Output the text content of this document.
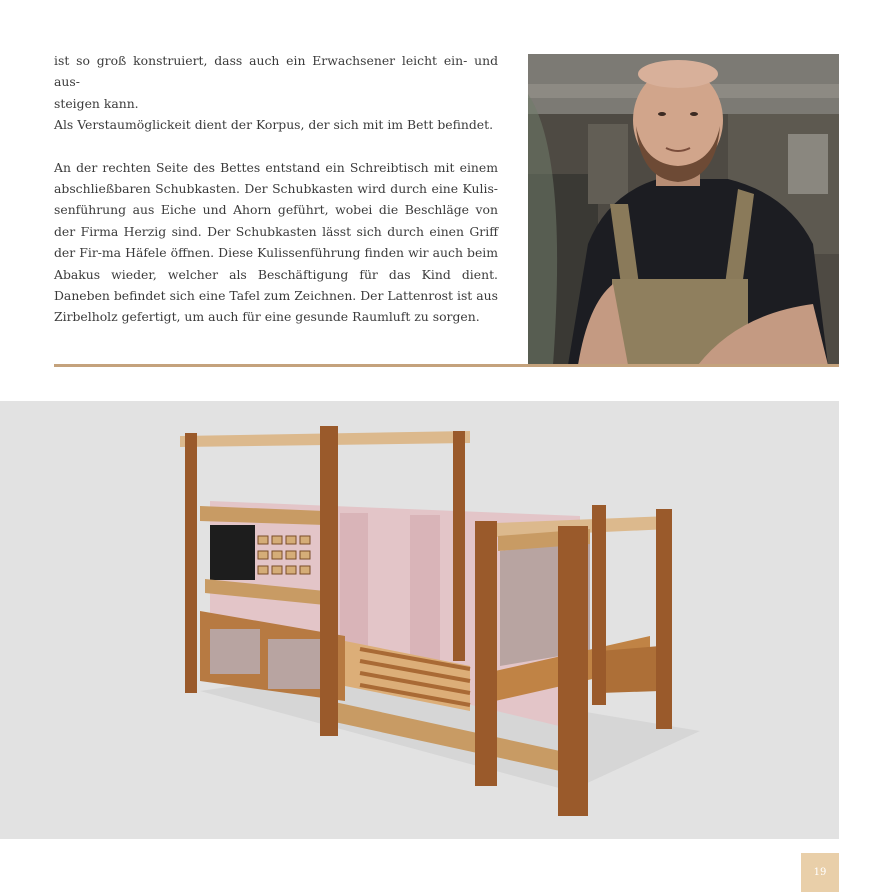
ist so groß konstruiert, dass auch ein Erwachsener leicht ein- und aus-
steigen kann.

Als Verstaumöglickeit dient der Korpus, der sich mit im Bett befindet.

An der rechten Seite des Bettes entstand ein Schreibtisch mit einem abschließbaren Schubkasten. Der Schubkasten wird durch eine Kulis-senführung aus Eiche und Ahorn geführt, wobei die Beschläge von der Firma Herzig sind. Der Schubkasten lässt sich durch einen Griff der Fir-ma Häfele öffnen. Diese Kulissenführung finden wir auch beim Abakus wieder, welcher als Beschäftigung für das Kind dient. Daneben befindet sich eine Tafel zum Zeichnen. Der Lattenrost ist aus Zirbelholz gefertigt, um auch für eine gesunde Raumluft zu sorgen.

19
